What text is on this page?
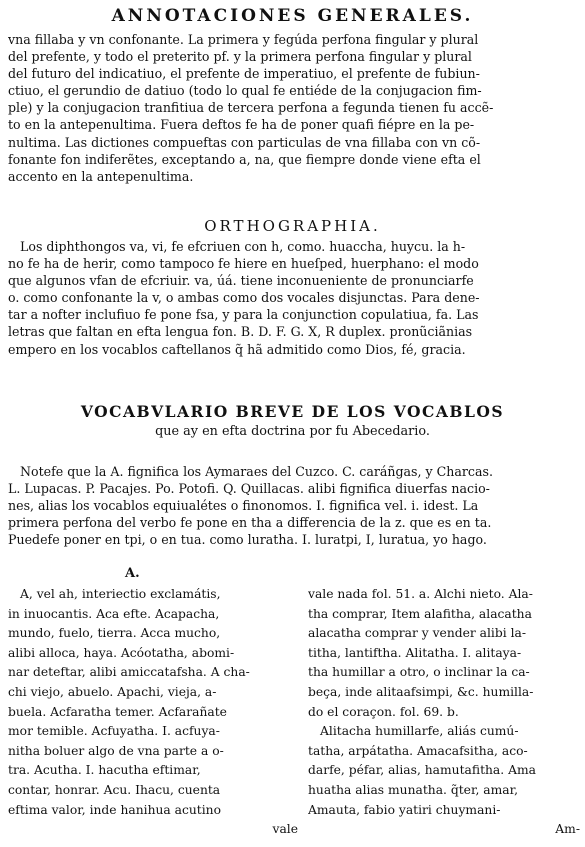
ANNOTACIONES GENERALES.
vna fillaba y vn confonante. La primera y fegúda perfona fingular y plural
del prefente, y todo el preterito pf. y la primera perfona fingular y plural
del futuro del indicatiuo, el prefente de imperatiuo, el prefente de fubiun-
ctiuo, el gerundio de datiuo (todo lo qual fe entiéde de la conjugacion fim-
ple) y la conjugacion tranfitiua de tercera perfona a fegunda tienen fu accẽ-
to en la antepenultima. Fuera deftos fe ha de poner quafi fiépre en la pe-
nultima. Las dictiones compueftas con particulas de vna fillaba con vn cõ-
fonante fon indiferẽtes, exceptando a, na, que fiempre donde viene efta el
accento en la antepenultima.
ORTHOGRAPHIA.
Los diphthongos va, vi, fe efcriuen con h, como. huaccha, huycu. la h-
no fe ha de herir, como tampoco fe hiere en hueſped, huerphano: el modo
que algunos vfan de efcriuir. va, úá. tiene inconueniente de pronunciarfe
o. como confonante la v, o ambas como dos vocales disjunctas. Para dene-
tar a nofter inclufiuo fe pone fsa, y para la conjunction copulatiua, fa. Las
letras que faltan en efta lengua fon. B. D. F. G. X, R duplex. pronũciãnias
empero en los vocablos caftellanos q̃ hã admitido como Dios, fé, gracia.
VOCABVLARIO BREVE DE LOS VOCABLOS
que ay en efta doctrina por fu Abecedario.
Notefe que la A. fignifica los Aymaraes del Cuzco. C. caráñgas, y Charcas.
L. Lupacas. P. Pacajes. Po. Potofi. Q. Quillacas. alibi fignifica diuerfas nacio-
nes, alias los vocablos equiualétes o finonomos. I. fignifica vel. i. idest. La
primera perfona del verbo fe pone en tha a differencia de la z. que es en ta.
Puedefe poner en tpi, o en tua. como luratha. I. luratpi, I, luratua, yo hago.
A.
A, vel ah, interiectio exclamátis,
in inuocantis. Aca efte. Acapacha,
mundo, fuelo, tierra. Acca mucho,
alibi alloca, haya. Acóotatha, abomi-
nar deteftar, alibi amiccatafsha. A cha-
chi viejo, abuelo. Apachi, vieja, a-
buela. Acfaratha temer. Acfarañate
mor temible. Acfuyatha. I. acfuya-
nitha boluer algo de vna parte a o-
tra. Acutha. I. hacutha eftimar,
contar, honrar. Acu. Ihacu, cuenta
eftima valor, inde hanihua acutino
vale
vale nada fol. 51. a. Alchi nieto. Ala-
tha comprar, Item alafitha, alacatha
alacatha comprar y vender alibi la-
titha, lantiftha. Alitatha. I. alitaya-
tha humillar a otro, o inclinar la ca-
beça, inde alitaafsimpi, &c. humilla-
do el coraçon. fol. 69. b.
Alitacha humillarfe, aliás cumú-
tatha, arpátatha. Amacafsitha, aco-
darfe, péfar, alias, hamutafitha. Ama
huatha alias munatha. q̃ter, amar,
Amauta, fabio yatiri chuymani-
Am-
